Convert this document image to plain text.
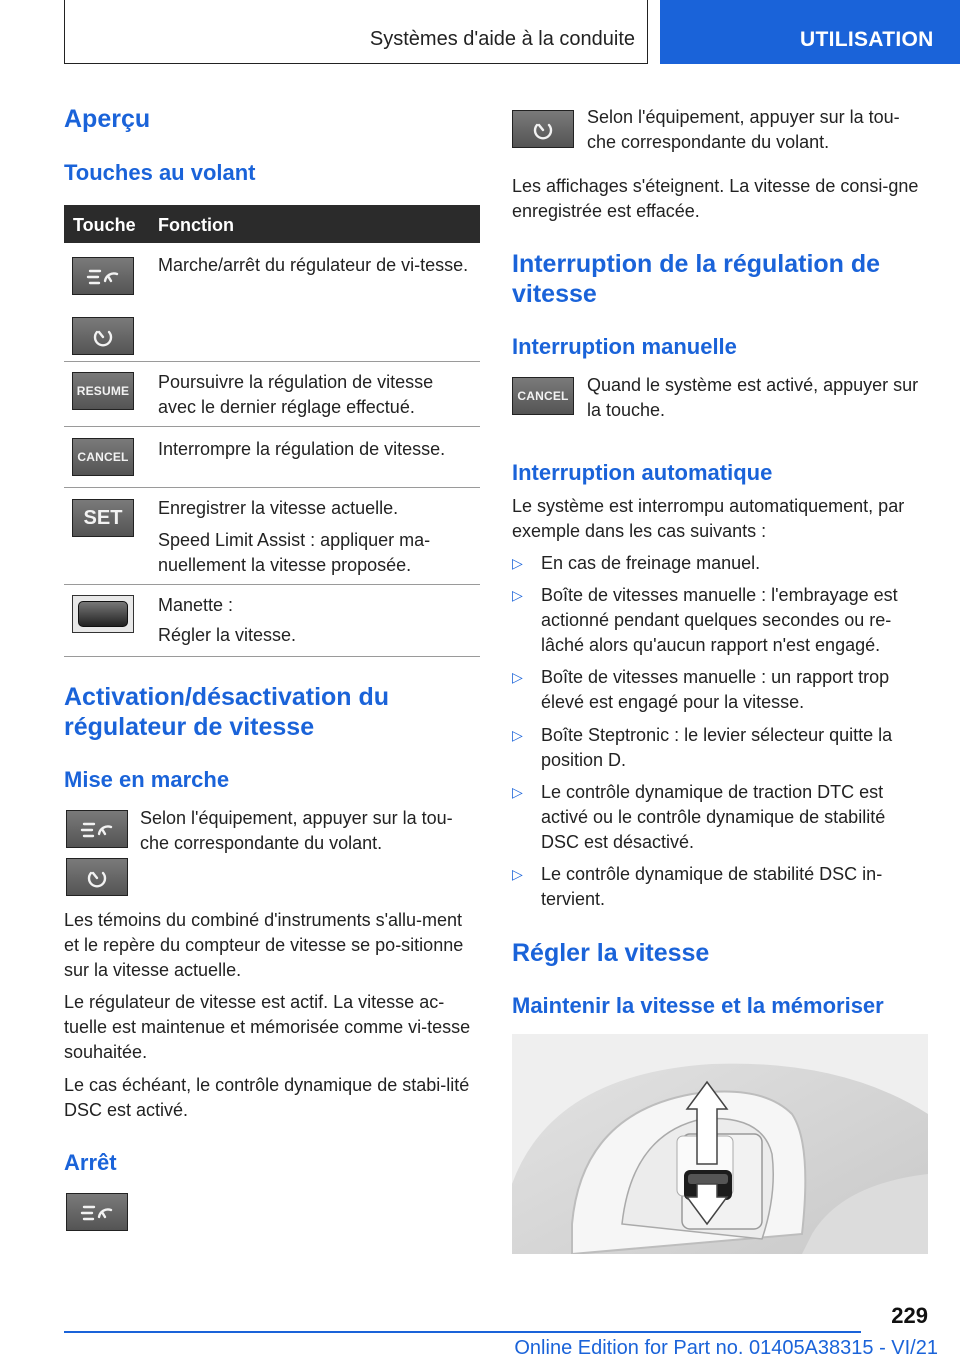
Systèmes d'aide à la conduite	UTILISATION
Aperçu
Touches au volant
Touche Fonction
Marche/arrêt du régulateur de vi-tesse.
RESUME Poursuivre la régulation de vitesse avec le dernier réglage effectué.
CANCEL Interrompre la régulation de vitesse.
SET Enregistrer la vitesse actuelle.
Speed Limit Assist : appliquer ma-nuellement la vitesse proposée.
Manette :
Régler la vitesse.
Activation/désactivation du régulateur de vitesse
Mise en marche
Selon l'équipement, appuyer sur la tou-che correspondante du volant.
Les témoins du combiné d'instruments s'allu-ment et le repère du compteur de vitesse se po-sitionne sur la vitesse actuelle.
Le régulateur de vitesse est actif. La vitesse ac-tuelle est maintenue et mémorisée comme vi-tesse souhaitée.
Le cas échéant, le contrôle dynamique de stabi-lité DSC est activé.
Arrêt
Selon l'équipement, appuyer sur la tou-che correspondante du volant.
Les affichages s'éteignent. La vitesse de consi-gne enregistrée est effacée.
Interruption de la régulation de vitesse
Interruption manuelle
CANCEL
Quand le système est activé, appuyer sur la touche.
Interruption automatique
Le système est interrompu automatiquement, par exemple dans les cas suivants :
▷ En cas de freinage manuel.
▷ Boîte de vitesses manuelle : l'embrayage est actionné pendant quelques secondes ou re-lâché alors qu'aucun rapport n'est engagé.
▷ Boîte de vitesses manuelle : un rapport trop élevé est engagé pour la vitesse.
▷ Boîte Steptronic : le levier sélecteur quitte la position D.
▷ Le contrôle dynamique de traction DTC est activé ou le contrôle dynamique de stabilité DSC est désactivé.
▷ Le contrôle dynamique de stabilité DSC in-tervient.
Régler la vitesse
Maintenir la vitesse et la mémoriser
229
Online Edition for Part no. 01405A38315 - VI/21
